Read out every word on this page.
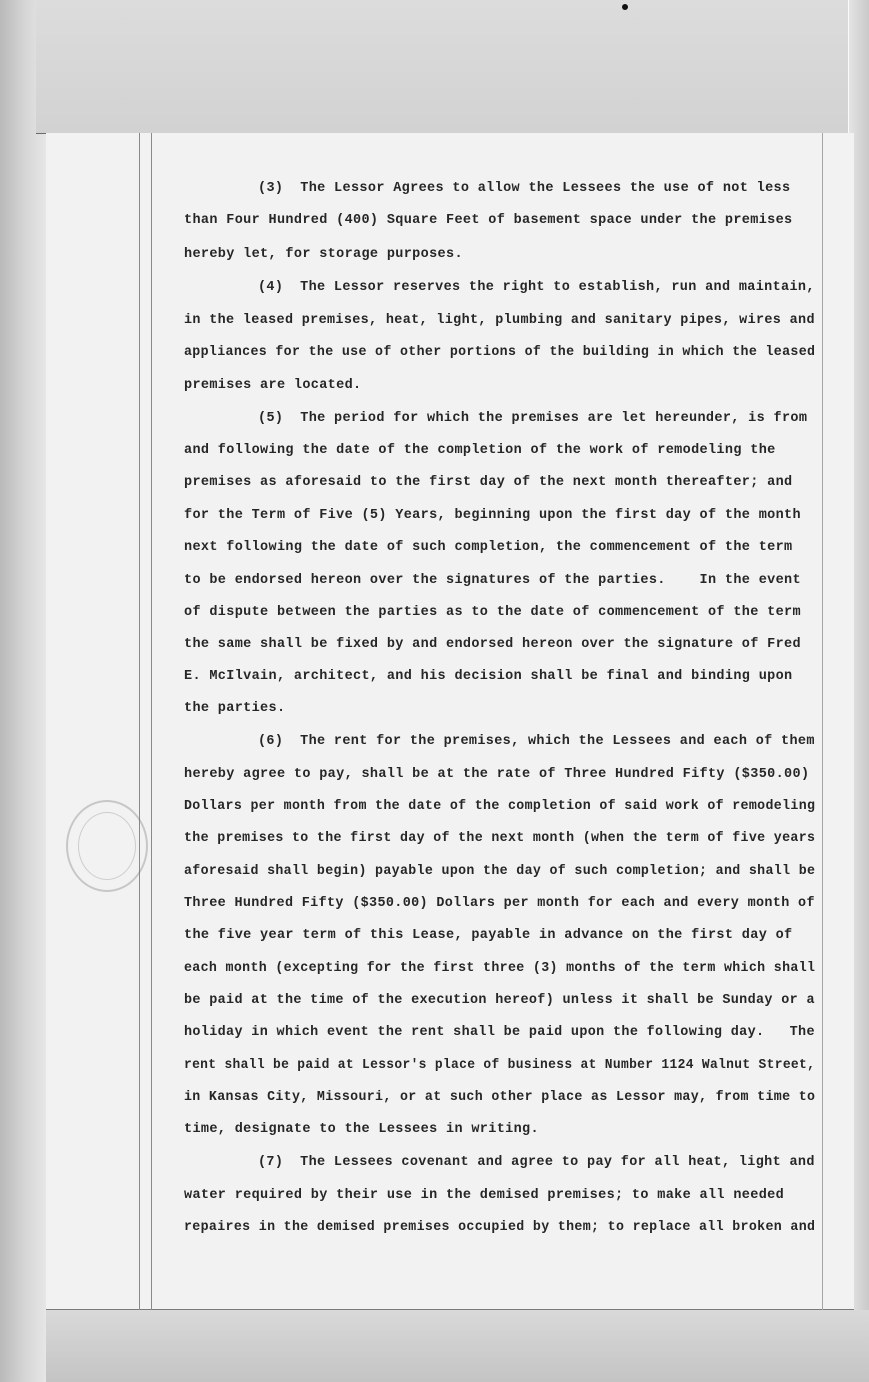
(3)  The Lessor Agrees to allow the Lessees the use of not less
than Four Hundred (400) Square Feet of basement space under the premises
hereby let, for storage purposes.
(4)  The Lessor reserves the right to establish, run and maintain,
in the leased premises, heat, light, plumbing and sanitary pipes, wires and
appliances for the use of other portions of the building in which the leased
premises are located.
(5)  The period for which the premises are let hereunder, is from
and following the date of the completion of the work of remodeling the
premises as aforesaid to the first day of the next month thereafter; and
for the Term of Five (5) Years, beginning upon the first day of the month
next following the date of such completion, the commencement of the term
to be endorsed hereon over the signatures of the parties.    In the event
of dispute between the parties as to the date of commencement of the term
the same shall be fixed by and endorsed hereon over the signature of Fred
E. McIlvain, architect, and his decision shall be final and binding upon
the parties.
(6)  The rent for the premises, which the Lessees and each of them
hereby agree to pay, shall be at the rate of Three Hundred Fifty ($350.00)
Dollars per month from the date of the completion of said work of remodeling
the premises to the first day of the next month (when the term of five years
aforesaid shall begin) payable upon the day of such completion; and shall be
Three Hundred Fifty ($350.00) Dollars per month for each and every month of
the five year term of this Lease, payable in advance on the first day of
each month (excepting for the first three (3) months of the term which shall
be paid at the time of the execution hereof) unless it shall be Sunday or a
holiday in which event the rent shall be paid upon the following day.   The
rent shall be paid at Lessor's place of business at Number 1124 Walnut Street,
in Kansas City, Missouri, or at such other place as Lessor may, from time to
time, designate to the Lessees in writing.
(7)  The Lessees covenant and agree to pay for all heat, light and
water required by their use in the demised premises; to make all needed
repaires in the demised premises occupied by them; to replace all broken and
